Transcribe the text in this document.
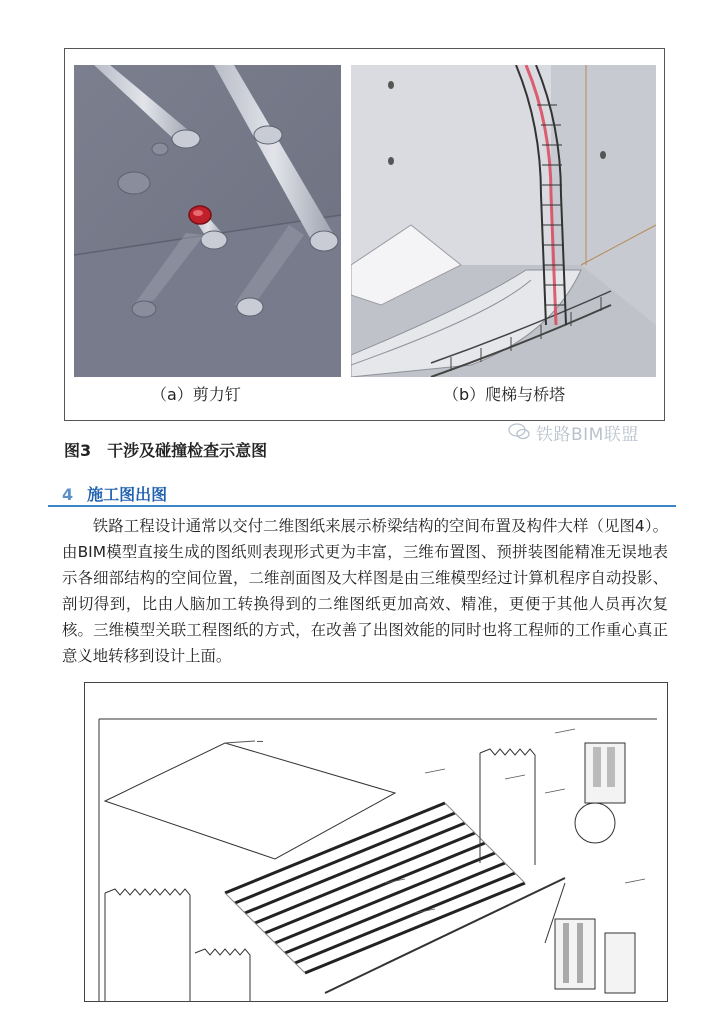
（a）剪力钉	（b）爬梯与桥塔
图3　干涉及碰撞检查示意图
铁路BIM联盟
4 施工图出图

铁路工程设计通常以交付二维图纸来展示桥梁结构的空间布置及构件大样（见图4）。由BIM模型直接生成的图纸则表现形式更为丰富，三维布置图、预拼装图能精准无误地表示各细部结构的空间位置，二维剖面图及大样图是由三维模型经过计算机程序自动投影、剖切得到，比由人脑加工转换得到的二维图纸更加高效、精准，更便于其他人员再次复核。三维模型关联工程图纸的方式，在改善了出图效能的同时也将工程师的工作重心真正意义地转移到设计上面。

━━
